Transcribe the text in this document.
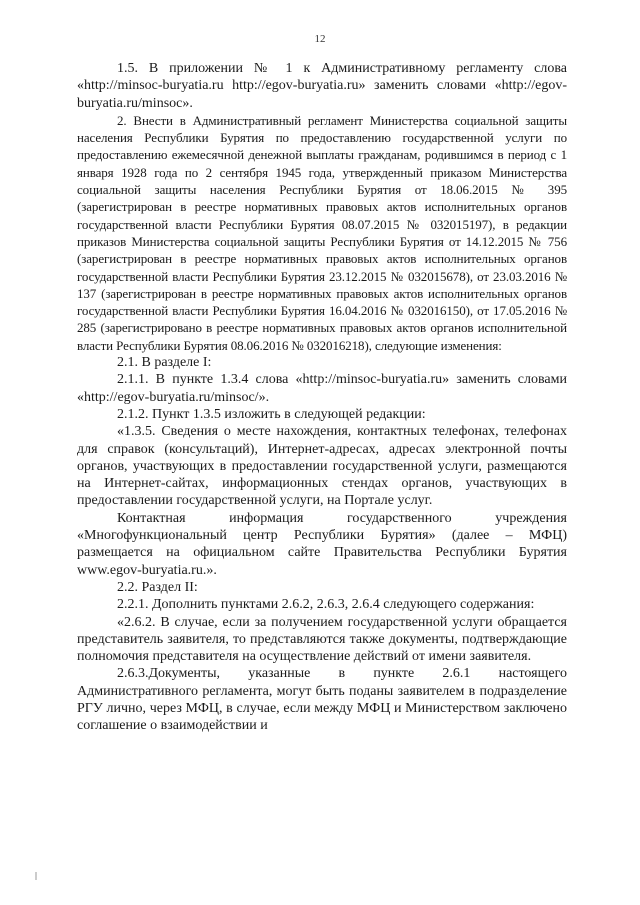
12

1.5. В приложении № 1 к Административному регламенту слова «http://minsoc-buryatia.ru http://egov-buryatia.ru» заменить словами «http://egov-buryatia.ru/minsoc».

2. Внести в Административный регламент Министерства социальной защиты населения Республики Бурятия по предоставлению государственной услуги по предоставлению ежемесячной денежной выплаты гражданам, родившимся в период с 1 января 1928 года по 2 сентября 1945 года, утвержденный приказом Министерства социальной защиты населения Республики Бурятия от 18.06.2015 № 395 (зарегистрирован в реестре нормативных правовых актов исполнительных органов государственной власти Республики Бурятия 08.07.2015 № 032015197), в редакции приказов Министерства социальной защиты Республики Бурятия от 14.12.2015 № 756 (зарегистрирован в реестре нормативных правовых актов исполнительных органов государственной власти Республики Бурятия 23.12.2015 № 032015678), от 23.03.2016 № 137 (зарегистрирован в реестре нормативных правовых актов исполнительных органов государственной власти Республики Бурятия 16.04.2016 № 032016150), от 17.05.2016 № 285 (зарегистрировано в реестре нормативных правовых актов органов исполнительной власти Республики Бурятия 08.06.2016 № 032016218), следующие изменения:

2.1. В разделе I:

2.1.1. В пункте 1.3.4 слова «http://minsoc-buryatia.ru» заменить словами «http://egov-buryatia.ru/minsoc/».

2.1.2. Пункт 1.3.5 изложить в следующей редакции:

«1.3.5. Сведения о месте нахождения, контактных телефонах, телефонах для справок (консультаций), Интернет-адресах, адресах электронной почты органов, участвующих в предоставлении государственной услуги, размещаются на Интернет-сайтах, информационных стендах органов, участвующих в предоставлении государственной услуги, на Портале услуг.

Контактная информация государственного учреждения «Многофункциональный центр Республики Бурятия» (далее – МФЦ) размещается на официальном сайте Правительства Республики Бурятия www.egov-buryatia.ru.».

2.2. Раздел II:

2.2.1. Дополнить пунктами 2.6.2, 2.6.3, 2.6.4 следующего содержания:

«2.6.2. В случае, если за получением государственной услуги обращается представитель заявителя, то представляются также документы, подтверждающие полномочия представителя на осуществление действий от имени заявителя.

2.6.3.Документы, указанные в пункте 2.6.1 настоящего Административного регламента, могут быть поданы заявителем в подразделение РГУ лично, через МФЦ, в случае, если между МФЦ и Министерством заключено соглашение о взаимодействии и
